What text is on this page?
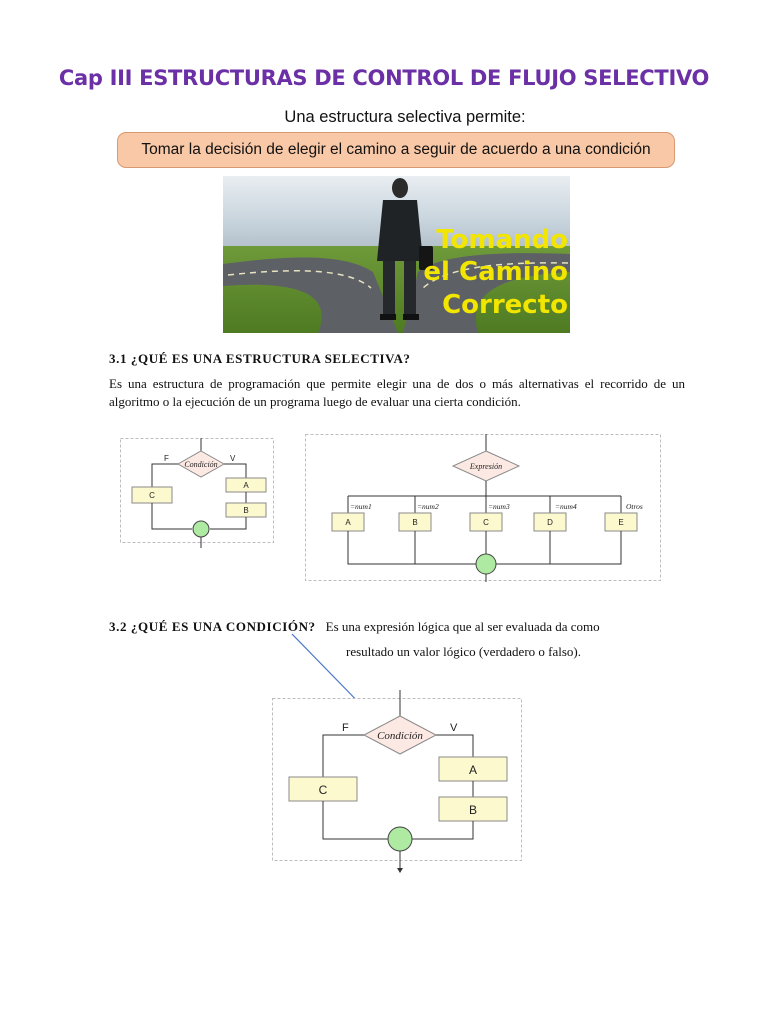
Cap III ESTRUCTURAS DE CONTROL DE FLUJO SELECTIVO
Una estructura selectiva permite:
Tomar la decisión de elegir el camino a seguir de acuerdo a una condición
Tomando
el Camino
Correcto
3.1 ¿QUÉ ES UNA ESTRUCTURA SELECTIVA?
Es una estructura de programación que permite elegir una de dos o más alternativas el recorrido de un algoritmo o la ejecución de un programa luego de evaluar una cierta condición.
Condición
F	V
A
B
C
Expresión
=num1
A
=num2
B
=num3
C
=num4
D
Otros
E
3.2 ¿QUÉ ES UNA CONDICIÓN? Es una expresión lógica que al ser evaluada da como
resultado un valor lógico (verdadero o falso).
Condición
F	V
A
B
C
